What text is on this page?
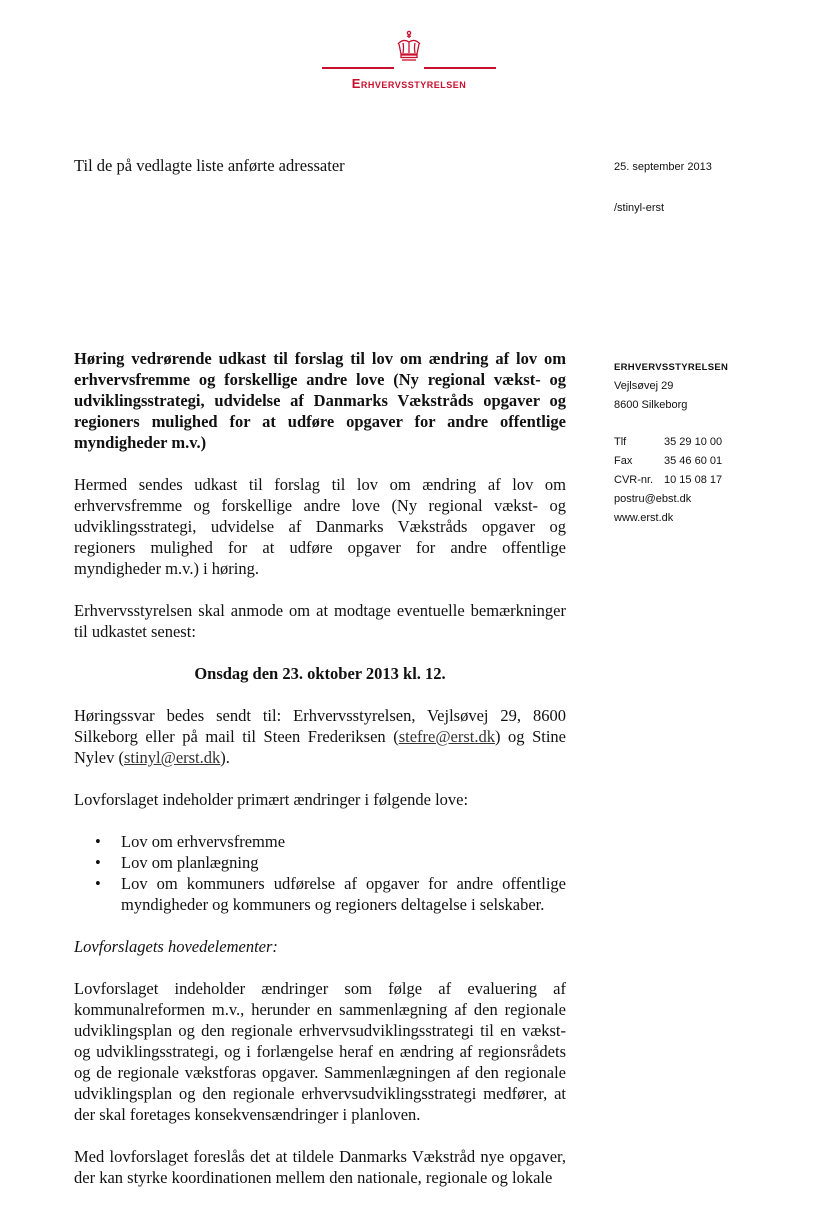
Erhvervsstyrelsen
Til de på vedlagte liste anførte adressater	25. september 2013
/stinyl-erst
ERHVERVSSTYRELSEN
Vejlsøvej 29
8600 Silkeborg
Tlf	35 29 10 00
Fax	35 46 60 01
CVR-nr. 10 15 08 17
postru@ebst.dk
www.erst.dk

Høring vedrørende udkast til forslag til lov om ændring af lov om erhvervsfremme og forskellige andre love (Ny regional vækst- og udviklingsstrategi, udvidelse af Danmarks Vækstråds opgaver og regioners mulighed for at udføre opgaver for andre offentlige myndigheder m.v.)

Hermed sendes udkast til forslag til lov om ændring af lov om erhvervsfremme og forskellige andre love (Ny regional vækst- og udviklingsstrategi, udvidelse af Danmarks Vækstråds opgaver og regioners mulighed for at udføre opgaver for andre offentlige myndigheder m.v.) i høring.

Erhvervsstyrelsen skal anmode om at modtage eventuelle bemærkninger til udkastet senest:

Onsdag den 23. oktober 2013 kl. 12.

Høringssvar bedes sendt til: Erhvervsstyrelsen, Vejlsøvej 29, 8600 Silkeborg eller på mail til Steen Frederiksen (stefre@erst.dk) og Stine Nylev (stinyl@erst.dk).

Lovforslaget indeholder primært ændringer i følgende love:

• Lov om erhvervsfremme
• Lov om planlægning
• Lov om kommuners udførelse af opgaver for andre offentlige myndigheder og kommuners og regioners deltagelse i selskaber.

Lovforslagets hovedelementer:

Lovforslaget indeholder ændringer som følge af evaluering af kommunalreformen m.v., herunder en sammenlægning af den regionale udviklingsplan og den regionale erhvervsudviklingsstrategi til en vækst- og udviklingsstrategi, og i forlængelse heraf en ændring af regionsrådets og de regionale vækstforas opgaver. Sammenlægningen af den regionale udviklingsplan og den regionale erhvervsudviklingsstrategi medfører, at der skal foretages konsekvensændringer i planloven.

Med lovforslaget foreslås det at tildele Danmarks Vækstråd nye opgaver, der kan styrke koordinationen mellem den nationale, regionale og lokale
